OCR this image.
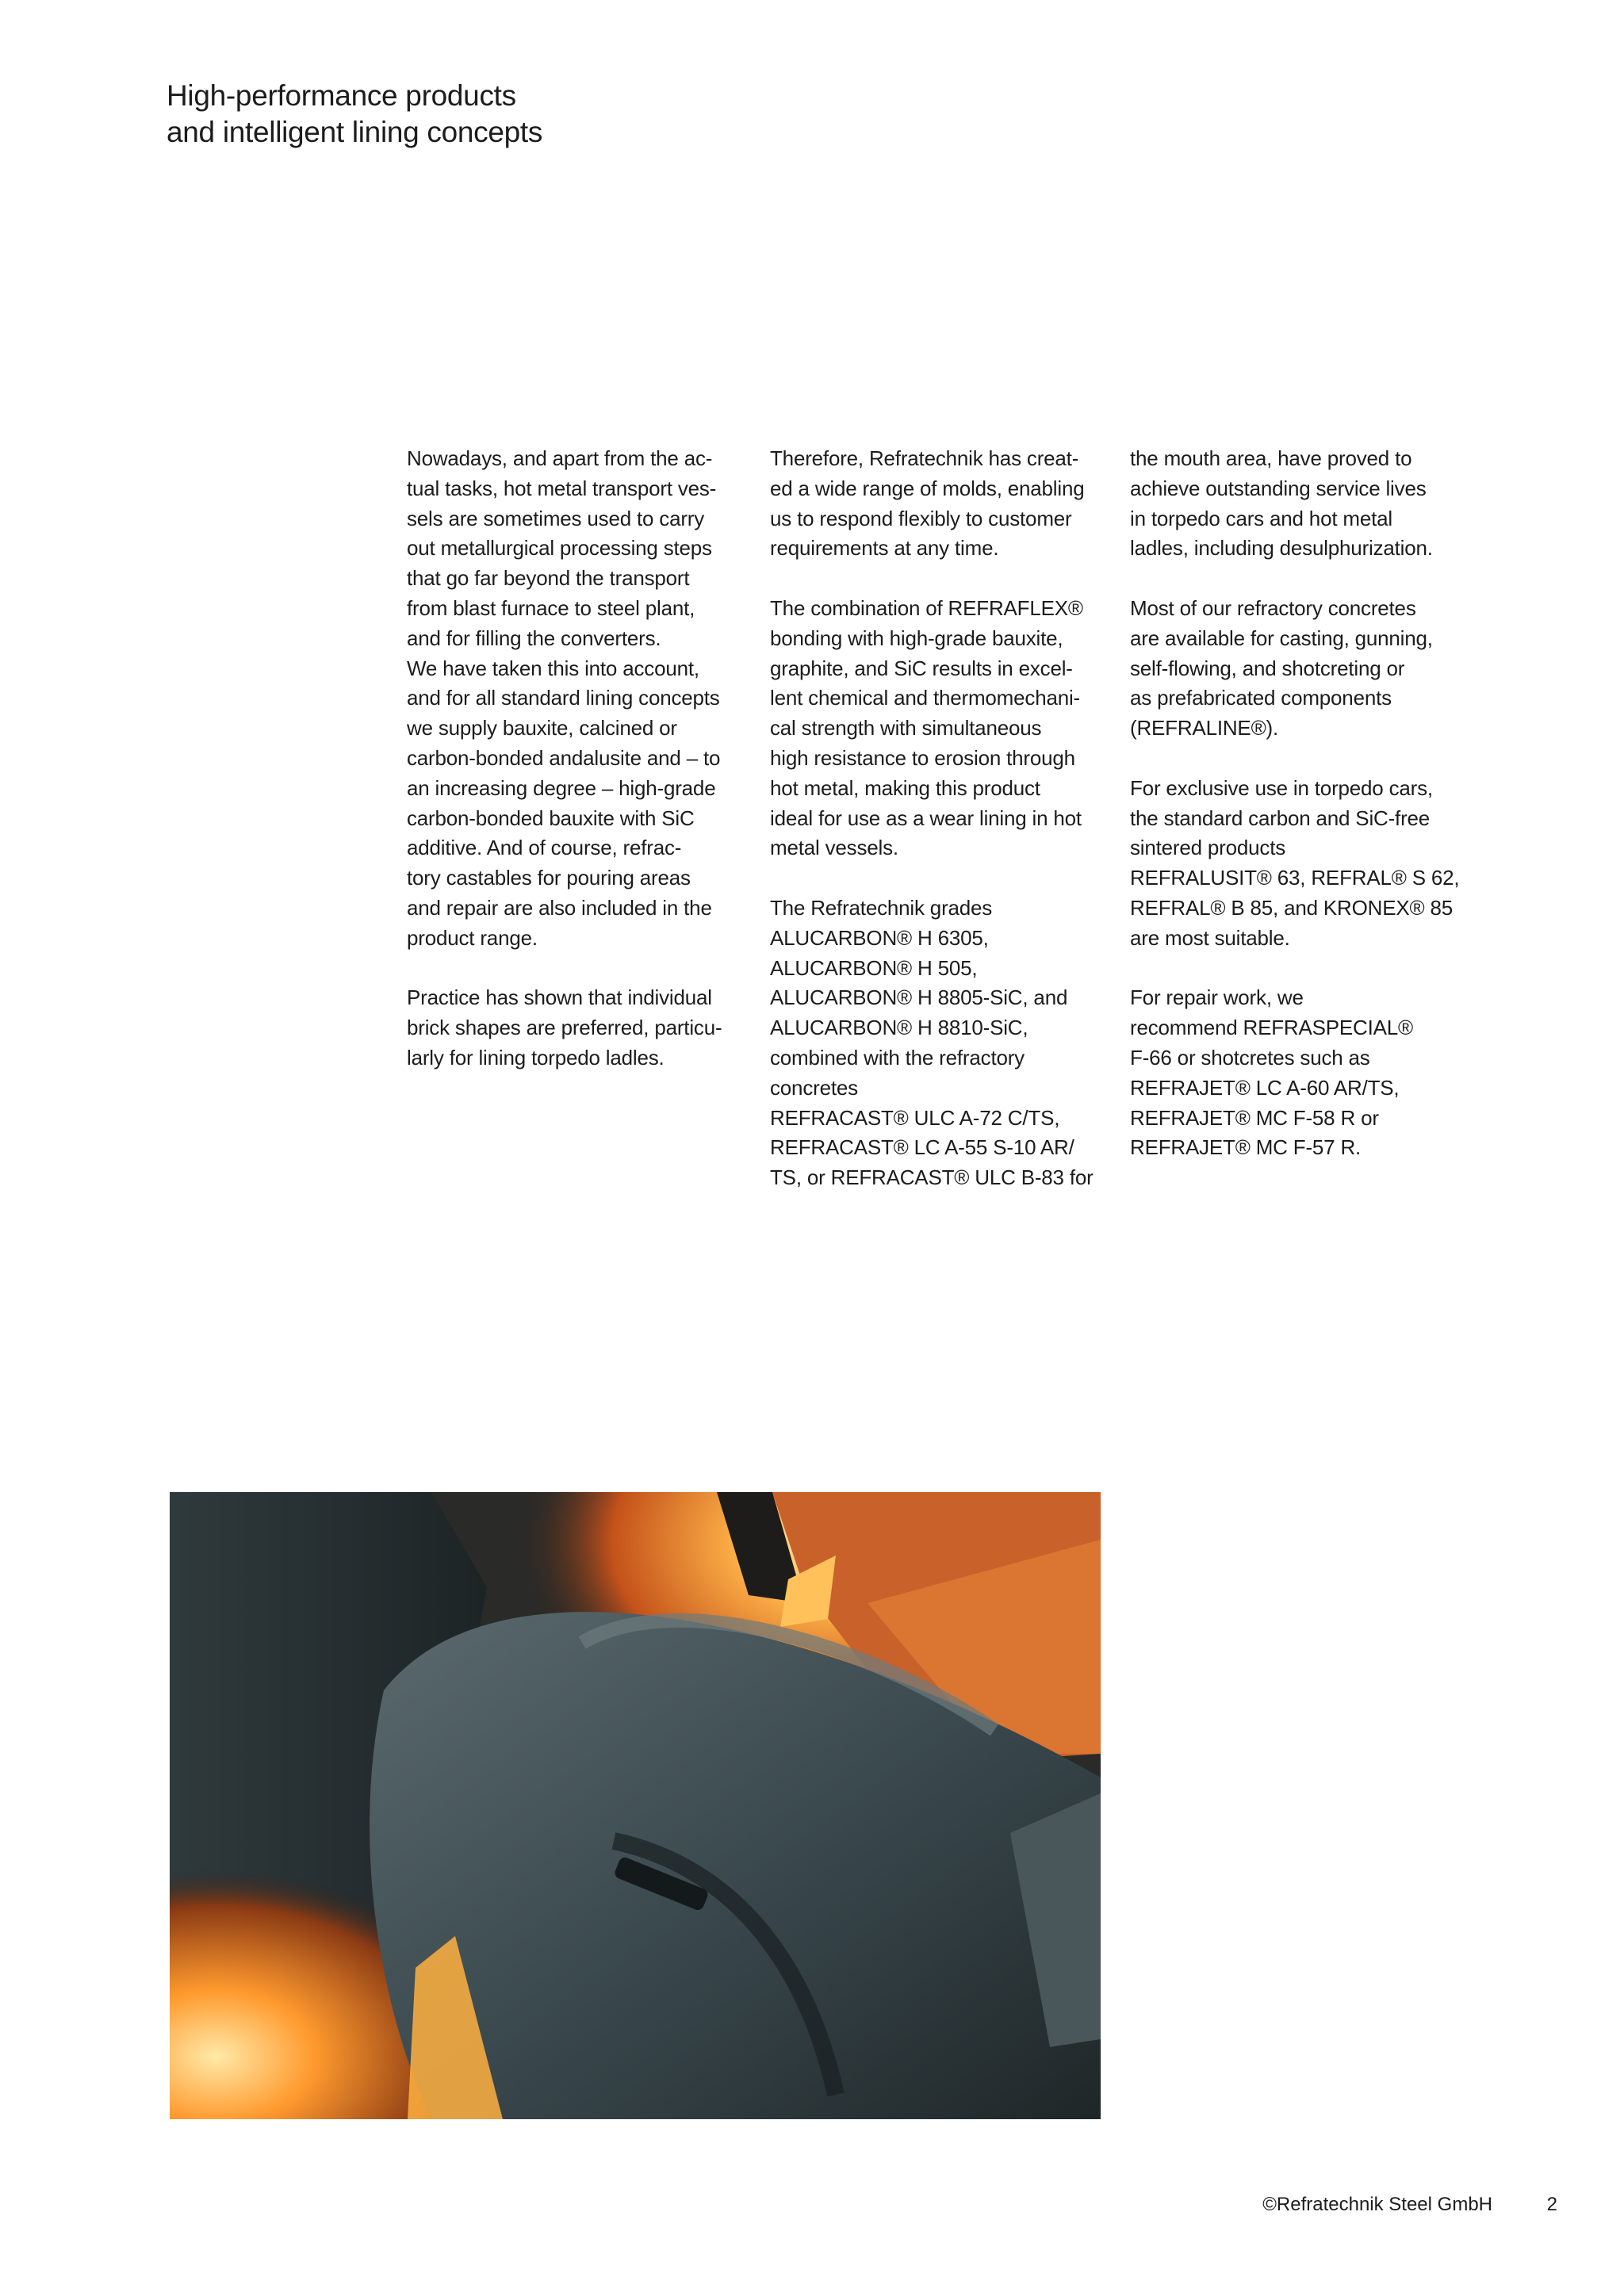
High-performance products
and intelligent lining concepts
Nowadays, and apart from the ac-
tual tasks, hot metal transport ves-
sels are sometimes used to carry
out metallurgical processing steps
that go far beyond the transport
from blast furnace to steel plant,
and for filling the converters.
We have taken this into account,
and for all standard lining concepts
we supply bauxite, calcined or
carbon-bonded andalusite and – to
an increasing degree – high-grade
carbon-bonded bauxite with SiC
additive. And of course, refrac-
tory castables for pouring areas
and repair are also included in the
product range.
Practice has shown that individual
brick shapes are preferred, particu-
larly for lining torpedo ladles.
Therefore, Refratechnik has creat-
ed a wide range of molds, enabling
us to respond flexibly to customer
requirements at any time.
The combination of REFRAFLEX®
bonding with high-grade bauxite,
graphite, and SiC results in excel-
lent chemical and thermomechani-
cal strength with simultaneous
high resistance to erosion through
hot metal, making this product
ideal for use as a wear lining in hot
metal vessels.
The Refratechnik grades
ALUCARBON® H 6305,
ALUCARBON® H 505,
ALUCARBON® H 8805-SiC, and
ALUCARBON® H 8810-SiC,
combined with the refractory
concretes
REFRACAST® ULC A-72 C/TS,
REFRACAST® LC A-55 S-10 AR/
TS, or REFRACAST® ULC B-83 for
the mouth area, have proved to
achieve outstanding service lives
in torpedo cars and hot metal
ladles, including desulphurization.
Most of our refractory concretes
are available for casting, gunning,
self-flowing, and shotcreting or
as prefabricated components
(REFRALINE®).
For exclusive use in torpedo cars,
the standard carbon and SiC-free
sintered products
REFRALUSIT® 63, REFRAL® S 62,
REFRAL® B 85, and KRONEX® 85
are most suitable.
For repair work, we
recommend REFRASPECIAL®
F-66 or shotcretes such as
REFRAJET® LC A-60 AR/TS,
REFRAJET® MC F-58 R or
REFRAJET® MC F-57 R.
©Refratechnik Steel GmbH	2
